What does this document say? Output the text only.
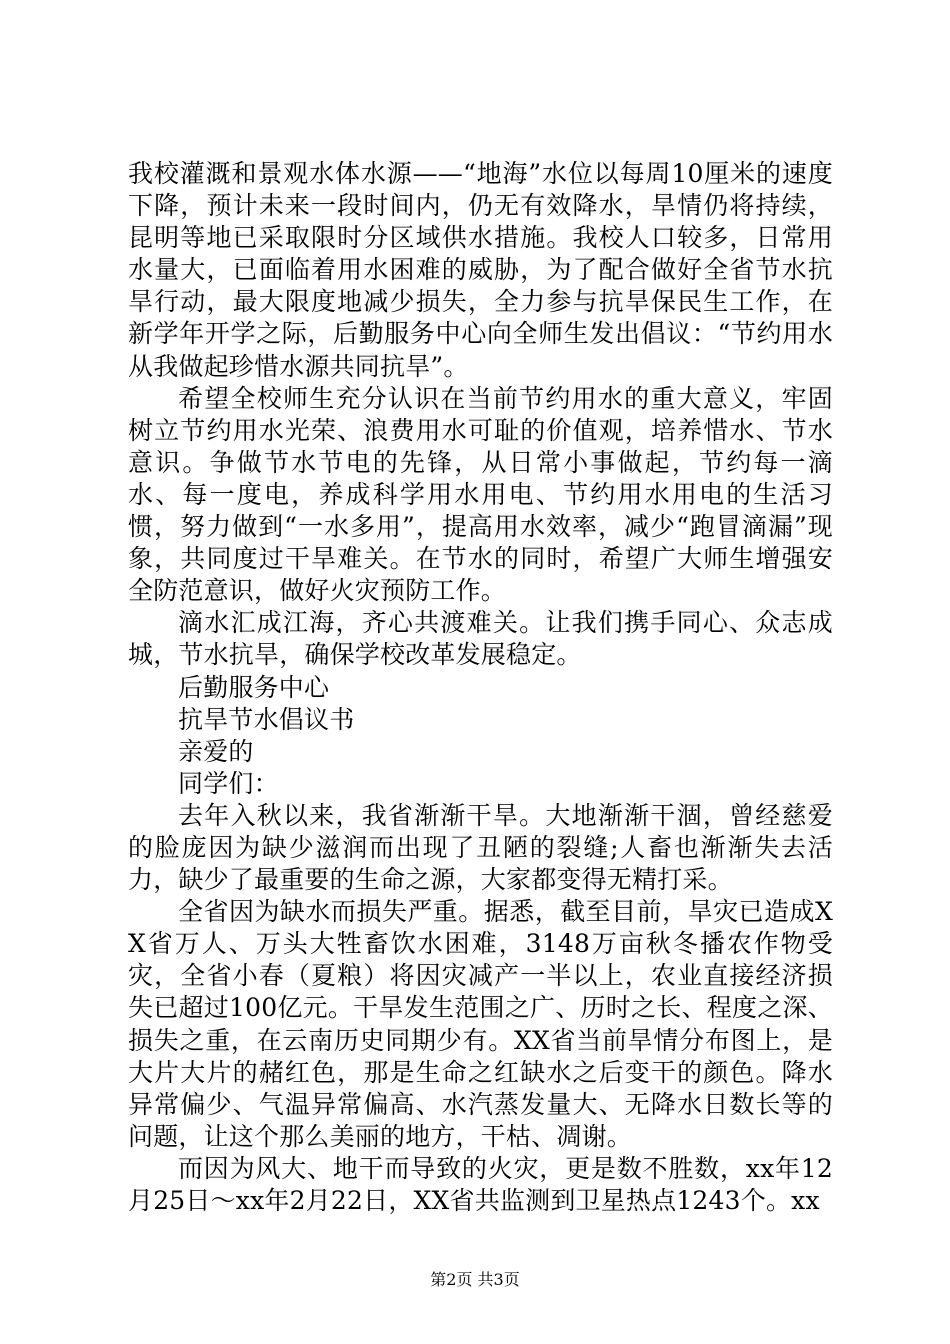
我校灌溉和景观水体水源——“地海”水位以每周10厘米的速度下降，预计未来一段时间内，仍无有效降水，旱情仍将持续，昆明等地已采取限时分区域供水措施。我校人口较多，日常用水量大，已面临着用水困难的威胁，为了配合做好全省节水抗旱行动，最大限度地减少损失，全力参与抗旱保民生工作，在新学年开学之际，后勤服务中心向全师生发出倡议：“节约用水从我做起珍惜水源共同抗旱”。

希望全校师生充分认识在当前节约用水的重大意义，牢固树立节约用水光荣、浪费用水可耻的价值观，培养惜水、节水意识。争做节水节电的先锋，从日常小事做起，节约每一滴水、每一度电，养成科学用水用电、节约用水用电的生活习惯，努力做到“一水多用”，提高用水效率，减少“跑冒滴漏”现象，共同度过干旱难关。在节水的同时，希望广大师生增强安全防范意识，做好火灾预防工作。

滴水汇成江海，齐心共渡难关。让我们携手同心、众志成城，节水抗旱，确保学校改革发展稳定。

后勤服务中心

抗旱节水倡议书

亲爱的

同学们：

去年入秋以来，我省渐渐干旱。大地渐渐干涸，曾经慈爱的脸庞因为缺少滋润而出现了丑陋的裂缝;人畜也渐渐失去活力，缺少了最重要的生命之源，大家都变得无精打采。

全省因为缺水而损失严重。据悉，截至目前，旱灾已造成XX省万人、万头大牲畜饮水困难，3148万亩秋冬播农作物受灾，全省小春（夏粮）将因灾减产一半以上，农业直接经济损失已超过100亿元。干旱发生范围之广、历时之长、程度之深、损失之重，在云南历史同期少有。XX省当前旱情分布图上，是大片大片的赭红色，那是生命之红缺水之后变干的颜色。降水异常偏少、气温异常偏高、水汽蒸发量大、无降水日数长等的问题，让这个那么美丽的地方，干枯、凋谢。

而因为风大、地干而导致的火灾，更是数不胜数，xx年12月25日～xx年2月22日，XX省共监测到卫星热点1243个。xx

第2页 共3页
